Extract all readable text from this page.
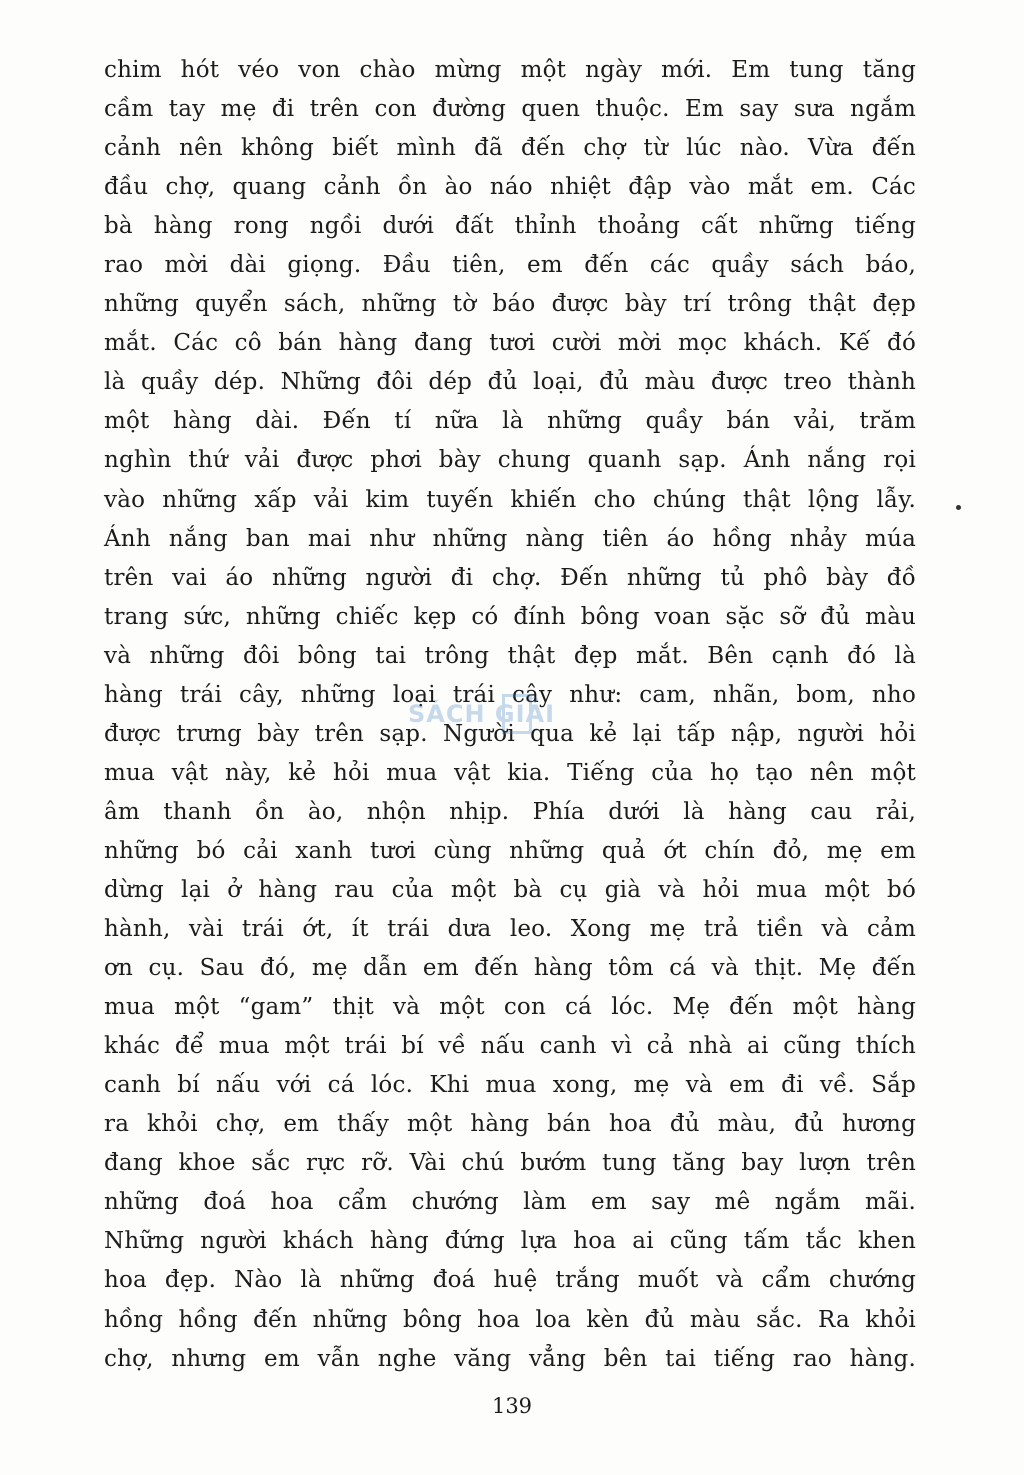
chim hót véo von chào mừng một ngày mới. Em tung tăng
cầm tay mẹ đi trên con đường quen thuộc. Em say sưa ngắm
cảnh nên không biết mình đã đến chợ từ lúc nào. Vừa đến
đầu chợ, quang cảnh ồn ào náo nhiệt đập vào mắt em. Các
bà hàng rong ngồi dưới đất thỉnh thoảng cất những tiếng
rao mời dài giọng. Đầu tiên, em đến các quầy sách báo,
những quyển sách, những tờ báo được bày trí trông thật đẹp
mắt. Các cô bán hàng đang tươi cười mời mọc khách. Kế đó
là quầy dép. Những đôi dép đủ loại, đủ màu được treo thành
một hàng dài. Đến tí nữa là những quầy bán vải, trăm
nghìn thứ vải được phơi bày chung quanh sạp. Ánh nắng rọi
vào những xấp vải kim tuyến khiến cho chúng thật lộng lẫy.
Ánh nắng ban mai như những nàng tiên áo hồng nhảy múa
trên vai áo những người đi chợ. Đến những tủ phô bày đồ
trang sức, những chiếc kẹp có đính bông voan sặc sỡ đủ màu
và những đôi bông tai trông thật đẹp mắt. Bên cạnh đó là
hàng trái cây, những loại trái cây như: cam, nhãn, bom, nho
được trưng bày trên sạp. Người qua kẻ lại tấp nập, người hỏi
mua vật này, kẻ hỏi mua vật kia. Tiếng của họ tạo nên một
âm thanh ồn ào, nhộn nhịp. Phía dưới là hàng cau rải,
những bó cải xanh tươi cùng những quả ớt chín đỏ, mẹ em
dừng lại ở hàng rau của một bà cụ già và hỏi mua một bó
hành, vài trái ớt, ít trái dưa leo. Xong mẹ trả tiền và cảm
ơn cụ. Sau đó, mẹ dẫn em đến hàng tôm cá và thịt. Mẹ đến
mua một “gam” thịt và một con cá lóc. Mẹ đến một hàng
khác để mua một trái bí về nấu canh vì cả nhà ai cũng thích
canh bí nấu với cá lóc. Khi mua xong, mẹ và em đi về. Sắp
ra khỏi chợ, em thấy một hàng bán hoa đủ màu, đủ hương
đang khoe sắc rực rỡ. Vài chú bướm tung tăng bay lượn trên
những đoá hoa cẩm chướng làm em say mê ngắm mãi.
Những người khách hàng đứng lựa hoa ai cũng tấm tắc khen
hoa đẹp. Nào là những đoá huệ trắng muốt và cẩm chướng
hồng hồng đến những bông hoa loa kèn đủ màu sắc. Ra khỏi
chợ, nhưng em vẫn nghe văng vẳng bên tai tiếng rao hàng.
SÁCH GIẢI
139
